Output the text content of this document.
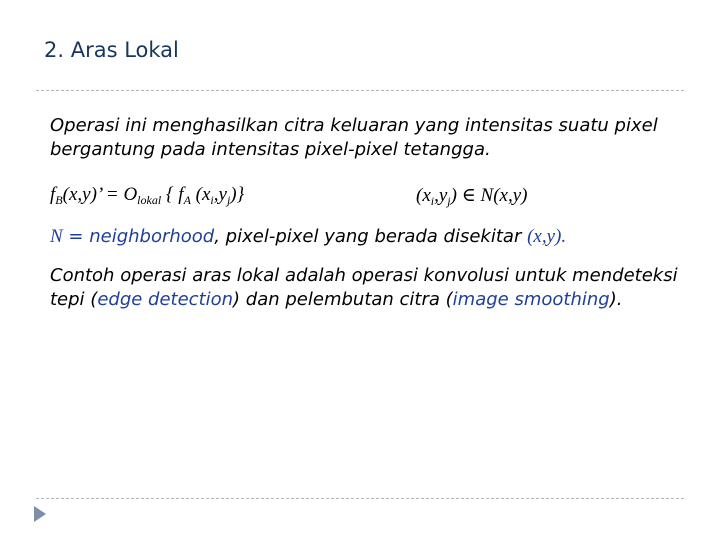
2. Aras Lokal

Operasi ini menghasilkan citra keluaran yang intensitas suatu pixel bergantung pada intensitas pixel-pixel tetangga.

$f_B(x,y)$’ = $O_{lokal}$ { $f_A$ $(x_i,y_j)$}	$(x_i,y_j)$ ∈ N(x,y)
N = neighborhood, pixel-pixel yang berada disekitar (x,y).
Contoh operasi aras lokal adalah operasi konvolusi untuk mendeteksi tepi (edge detection) dan pelembutan citra (image smoothing).
